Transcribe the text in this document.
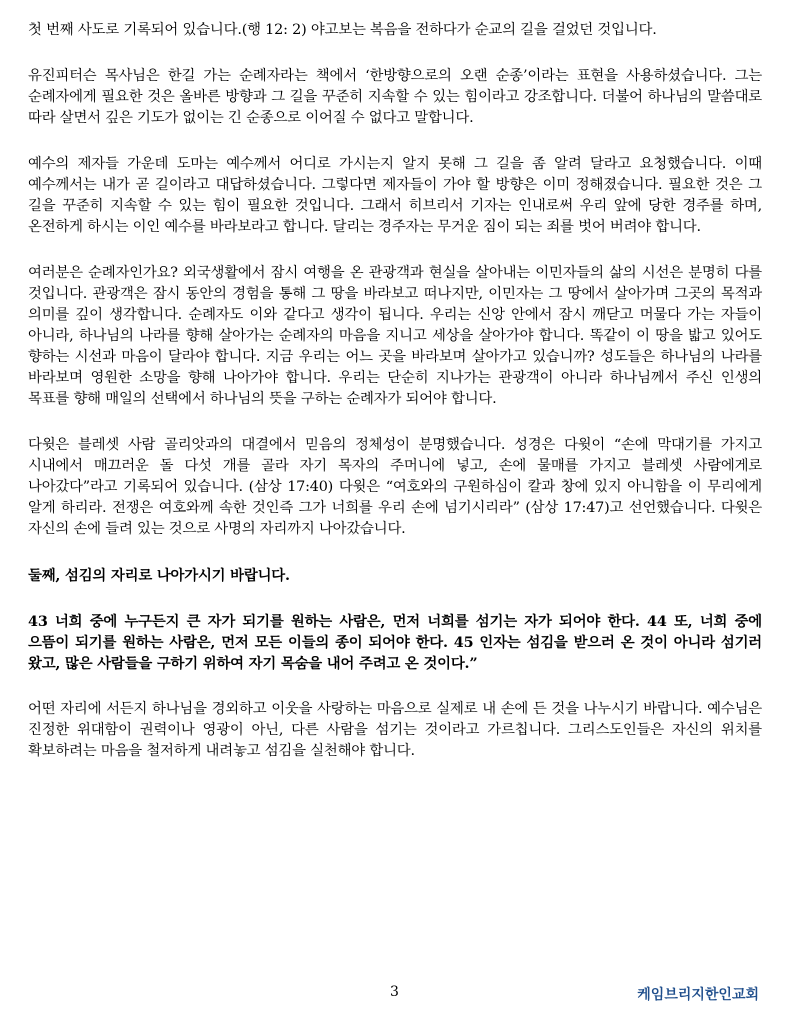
첫 번째 사도로 기록되어 있습니다.(행 12: 2) 야고보는 복음을 전하다가 순교의 길을 걸었던 것입니다.

유진피터슨 목사님은 한길 가는 순례자라는 책에서 ‘한방향으로의 오랜 순종’이라는 표현을 사용하셨습니다. 그는 순례자에게 필요한 것은 올바른 방향과 그 길을 꾸준히 지속할 수 있는 힘이라고 강조합니다. 더불어 하나님의 말씀대로 따라 살면서 깊은 기도가 없이는 긴 순종으로 이어질 수 없다고 말합니다.

예수의 제자들 가운데 도마는 예수께서 어디로 가시는지 알지 못해 그 길을 좀 알려 달라고 요청했습니다. 이때 예수께서는 내가 곧 길이라고 대답하셨습니다. 그렇다면 제자들이 가야 할 방향은 이미 정해졌습니다. 필요한 것은 그 길을 꾸준히 지속할 수 있는 힘이 필요한 것입니다. 그래서 히브리서 기자는 인내로써 우리 앞에 당한 경주를 하며, 온전하게 하시는 이인 예수를 바라보라고 합니다. 달리는 경주자는 무거운 짐이 되는 죄를 벗어 버려야 합니다.

여러분은 순례자인가요? 외국생활에서 잠시 여행을 온 관광객과 현실을 살아내는 이민자들의 삶의 시선은 분명히 다를 것입니다. 관광객은 잠시 동안의 경험을 통해 그 땅을 바라보고 떠나지만, 이민자는 그 땅에서 살아가며 그곳의 목적과 의미를 깊이 생각합니다. 순례자도 이와 같다고 생각이 됩니다. 우리는 신앙 안에서 잠시 깨닫고 머물다 가는 자들이 아니라, 하나님의 나라를 향해 살아가는 순례자의 마음을 지니고 세상을 살아가야 합니다. 똑같이 이 땅을 밟고 있어도 향하는 시선과 마음이 달라야 합니다. 지금 우리는 어느 곳을 바라보며 살아가고 있습니까? 성도들은 하나님의 나라를 바라보며 영원한 소망을 향해 나아가야 합니다. 우리는 단순히 지나가는 관광객이 아니라 하나님께서 주신 인생의 목표를 향해 매일의 선택에서 하나님의 뜻을 구하는 순례자가 되어야 합니다.

다윗은 블레셋 사람 골리앗과의 대결에서 믿음의 정체성이 분명했습니다. 성경은 다윗이 “손에 막대기를 가지고 시내에서 매끄러운 돌 다섯 개를 골라 자기 목자의 주머니에 넣고, 손에 물매를 가지고 블레셋 사람에게로 나아갔다”라고 기록되어 있습니다. (삼상 17:40) 다윗은 “여호와의 구원하심이 칼과 창에 있지 아니함을 이 무리에게 알게 하리라. 전쟁은 여호와께 속한 것인즉 그가 너희를 우리 손에 넘기시리라” (삼상 17:47)고 선언했습니다. 다윗은 자신의 손에 들려 있는 것으로 사명의 자리까지 나아갔습니다.

둘째, 섬김의 자리로 나아가시기 바랍니다.

43 너희 중에 누구든지 큰 자가 되기를 원하는 사람은, 먼저 너희를 섬기는 자가 되어야 한다. 44 또, 너희 중에 으뜸이 되기를 원하는 사람은, 먼저 모든 이들의 종이 되어야 한다. 45 인자는 섬김을 받으러 온 것이 아니라 섬기러 왔고, 많은 사람들을 구하기 위하여 자기 목숨을 내어 주려고 온 것이다.”

어떤 자리에 서든지 하나님을 경외하고 이웃을 사랑하는 마음으로 실제로 내 손에 든 것을 나누시기 바랍니다. 예수님은 진정한 위대함이 권력이나 영광이 아닌, 다른 사람을 섬기는 것이라고 가르칩니다. 그리스도인들은 자신의 위치를 확보하려는 마음을 철저하게 내려놓고 섬김을 실천해야 합니다.

3	케임브리지한인교회
